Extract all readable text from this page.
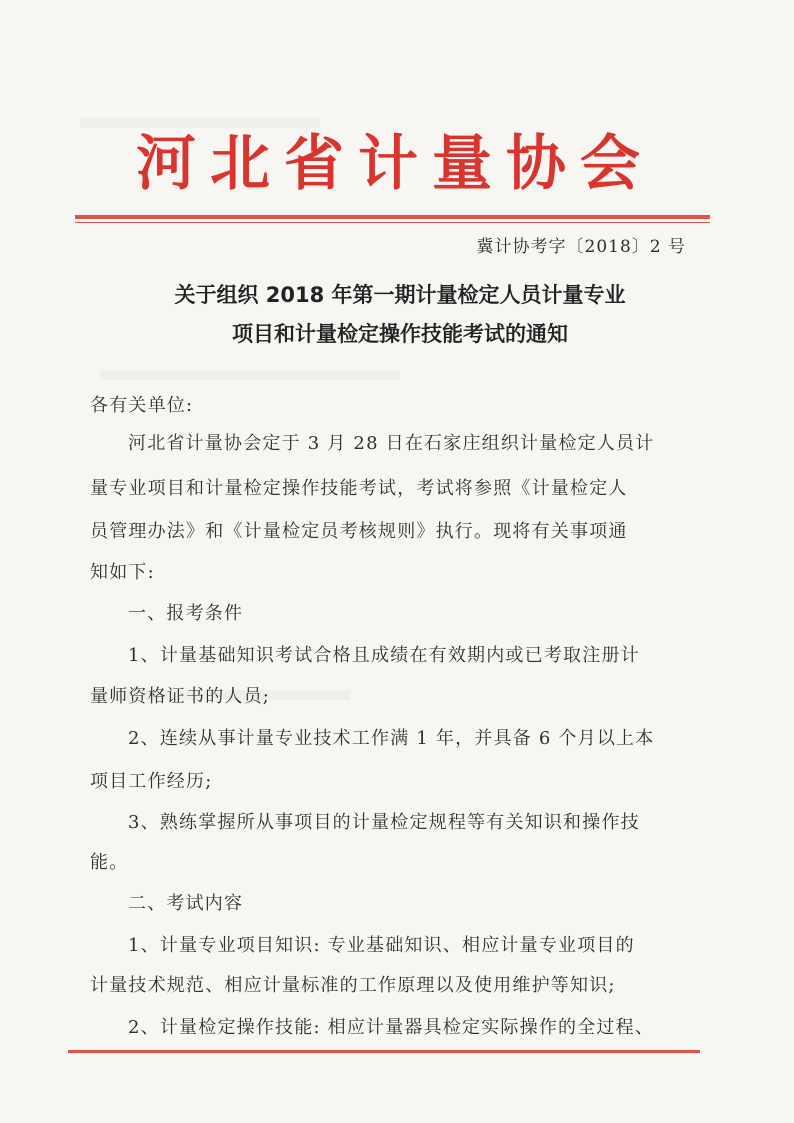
河北省计量协会
冀计协考字〔2018〕2 号
关于组织 2018 年第一期计量检定人员计量专业
项目和计量检定操作技能考试的通知
各有关单位:
河北省计量协会定于 3 月 28 日在石家庄组织计量检定人员计
量专业项目和计量检定操作技能考试，考试将参照《计量检定人
员管理办法》和《计量检定员考核规则》执行。现将有关事项通
知如下:
一、报考条件
1、计量基础知识考试合格且成绩在有效期内或已考取注册计
量师资格证书的人员;
2、连续从事计量专业技术工作满 1 年，并具备 6 个月以上本
项目工作经历;
3、熟练掌握所从事项目的计量检定规程等有关知识和操作技
能。
二、考试内容
1、计量专业项目知识: 专业基础知识、相应计量专业项目的
计量技术规范、相应计量标准的工作原理以及使用维护等知识;
2、计量检定操作技能: 相应计量器具检定实际操作的全过程、
